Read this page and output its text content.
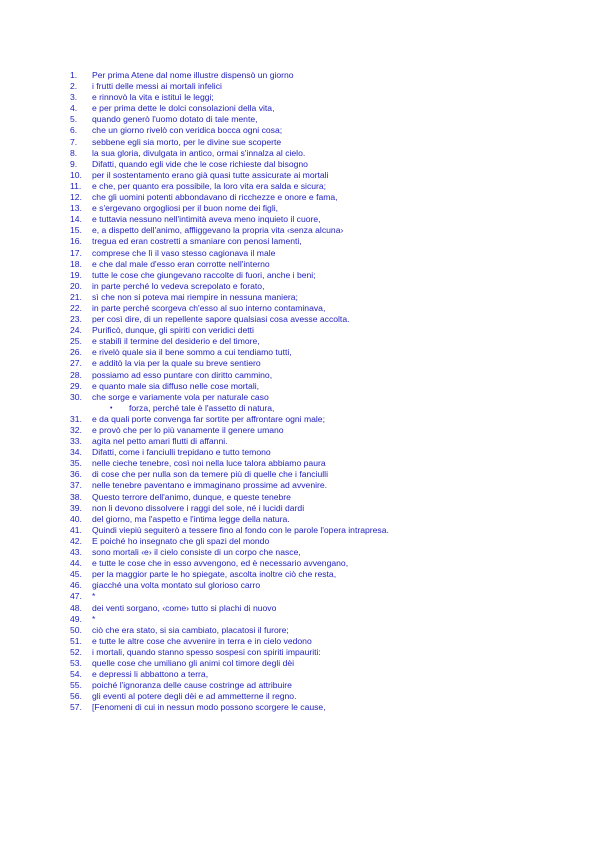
1.	Per prima Atene dal nome illustre dispensò un giorno
2.	i frutti delle messi ai mortali infelici
3.	e rinnovò la vita e istituì le leggi;
4.	e per prima dette le dolci consolazioni della vita,
5.	quando generò l'uomo dotato di tale mente,
6.	che un giorno rivelò con veridica bocca ogni cosa;
7.	sebbene egli sia morto, per le divine sue scoperte
8.	la sua gloria, divulgata in antico, ormai s'innalza al cielo.
9.	Difatti, quando egli vide che le cose richieste dal bisogno
10.	per il sostentamento erano già quasi tutte assicurate ai mortali
11.	e che, per quanto era possibile, la loro vita era salda e sicura;
12.	che gli uomini potenti abbondavano di ricchezze e onore e fama,
13.	e s'ergevano orgogliosi per il buon nome dei figli,
14.	e tuttavia nessuno nell'intimità aveva meno inquieto il cuore,
15.	e, a dispetto dell'animo, affliggevano la propria vita ‹senza alcuna›
16.	tregua ed eran costretti a smaniare con penosi lamenti,
17.	comprese che lì il vaso stesso cagionava il male
18.	e che dal male d'esso eran corrotte nell'interno
19.	tutte le cose che giungevano raccolte di fuori, anche i beni;
20.	in parte perché lo vedeva screpolato e forato,
21.	sì che non si poteva mai riempire in nessuna maniera;
22.	in parte perché scorgeva ch'esso al suo interno contaminava,
23.	per così dire, di un repellente sapore qualsiasi cosa avesse accolta.
24.	Purificò, dunque, gli spiriti con veridici detti
25.	e stabilì il termine del desiderio e del timore,
26.	e rivelò quale sia il bene sommo a cui tendiamo tutti,
27.	e additò la via per la quale su breve sentiero
28.	possiamo ad esso puntare con diritto cammino,
29.	e quanto male sia diffuso nelle cose mortali,
30.	che sorge e variamente vola per naturale caso
•	forza, perché tale è l'assetto di natura,
31.	e da quali porte convenga far sortite per affrontare ogni male;
32.	e provò che per lo più vanamente il genere umano
33.	agita nel petto amari flutti di affanni.
34.	Difatti, come i fanciulli trepidano e tutto temono
35.	nelle cieche tenebre, così noi nella luce talora abbiamo paura
36.	di cose che per nulla son da temere più di quelle che i fanciulli
37.	nelle tenebre paventano e immaginano prossime ad avvenire.
38.	Questo terrore dell'animo, dunque, e queste tenebre
39.	non li devono dissolvere i raggi del sole, né i lucidi dardi
40.	del giorno, ma l'aspetto e l'intima legge della natura.
41.	Quindi viepiù seguiterò a tessere fino al fondo con le parole l'opera intrapresa.
42.	E poiché ho insegnato che gli spazi del mondo
43.	sono mortali ‹e› il cielo consiste di un corpo che nasce,
44.	e tutte le cose che in esso avvengono, ed è necessario avvengano,
45.	per la maggior parte le ho spiegate, ascolta inoltre ciò che resta,
46.	giacché una volta montato sul glorioso carro
47.	*
48.	dei venti sorgano, ‹come› tutto si plachi di nuovo
49.	*
50.	ciò che era stato, si sia cambiato, placatosi il furore;
51.	e tutte le altre cose che avvenire in terra e in cielo vedono
52.	i mortali, quando stanno spesso sospesi con spiriti impauriti:
53.	quelle cose che umiliano gli animi col timore degli dèi
54.	e depressi li abbattono a terra,
55.	poiché l'ignoranza delle cause costringe ad attribuire
56.	gli eventi al potere degli dèi e ad ammetterne il regno.
57.	[Fenomeni di cui in nessun modo possono scorgere le cause,
